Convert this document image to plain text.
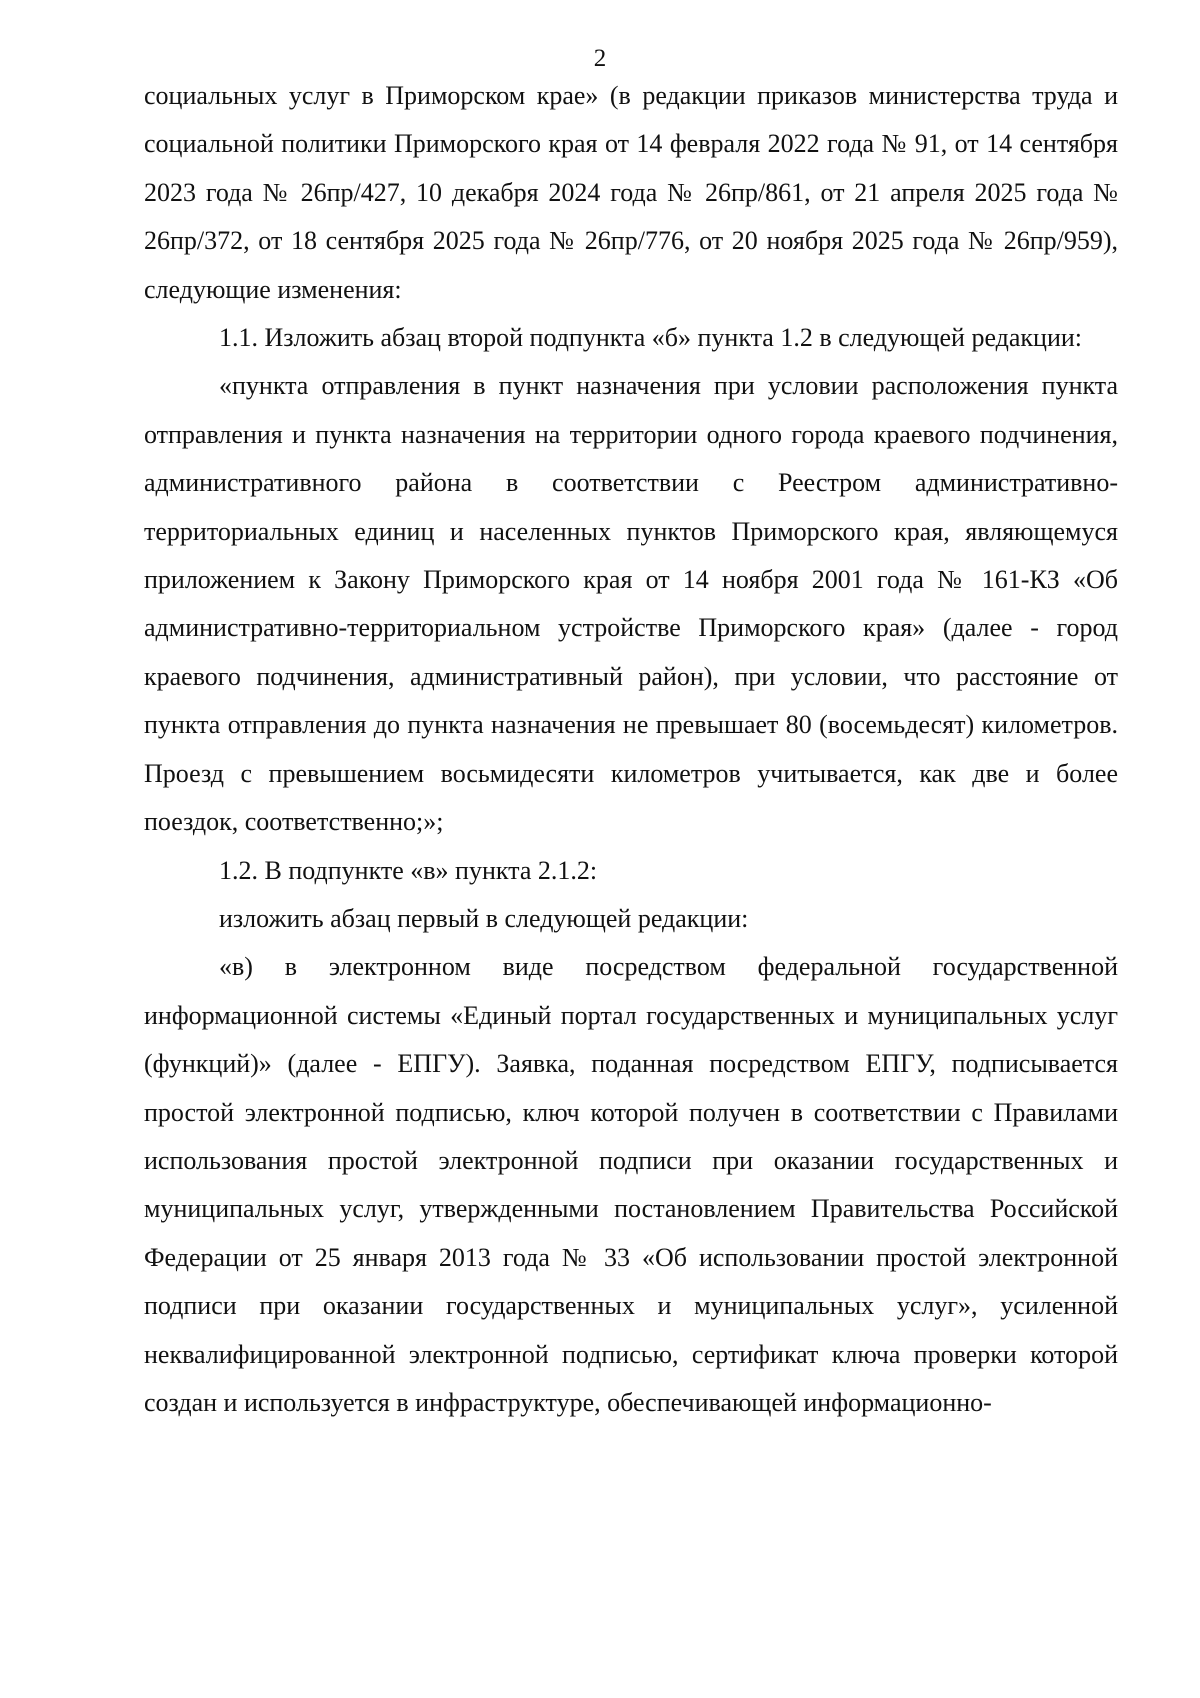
2

социальных услуг в Приморском крае» (в редакции приказов министерства труда и социальной политики Приморского края от 14 февраля 2022 года № 91, от 14 сентября 2023 года № 26пр/427, 10 декабря 2024 года № 26пр/861, от 21 апреля 2025 года № 26пр/372, от 18 сентября 2025 года № 26пр/776, от 20 ноября 2025 года № 26пр/959), следующие изменения:

1.1. Изложить абзац второй подпункта «б» пункта 1.2 в следующей редакции:

«пункта отправления в пункт назначения при условии расположения пункта отправления и пункта назначения на территории одного города краевого подчинения, административного района в соответствии с Реестром административно-территориальных единиц и населенных пунктов Приморского края, являющемуся приложением к Закону Приморского края от 14 ноября 2001 года № 161-КЗ «Об административно-территориальном устройстве Приморского края» (далее - город краевого подчинения, административный район), при условии, что расстояние от пункта отправления до пункта назначения не превышает 80 (восемьдесят) километров. Проезд с превышением восьмидесяти километров учитывается, как две и более поездок, соответственно;»;

1.2. В подпункте «в» пункта 2.1.2:

изложить абзац первый в следующей редакции:

«в) в электронном виде посредством федеральной государственной информационной системы «Единый портал государственных и муниципальных услуг (функций)» (далее - ЕПГУ). Заявка, поданная посредством ЕПГУ, подписывается простой электронной подписью, ключ которой получен в соответствии с Правилами использования простой электронной подписи при оказании государственных и муниципальных услуг, утвержденными постановлением Правительства Российской Федерации от 25 января 2013 года № 33 «Об использовании простой электронной подписи при оказании государственных и муниципальных услуг», усиленной неквалифицированной электронной подписью, сертификат ключа проверки которой создан и используется в инфраструктуре, обеспечивающей информационно-
